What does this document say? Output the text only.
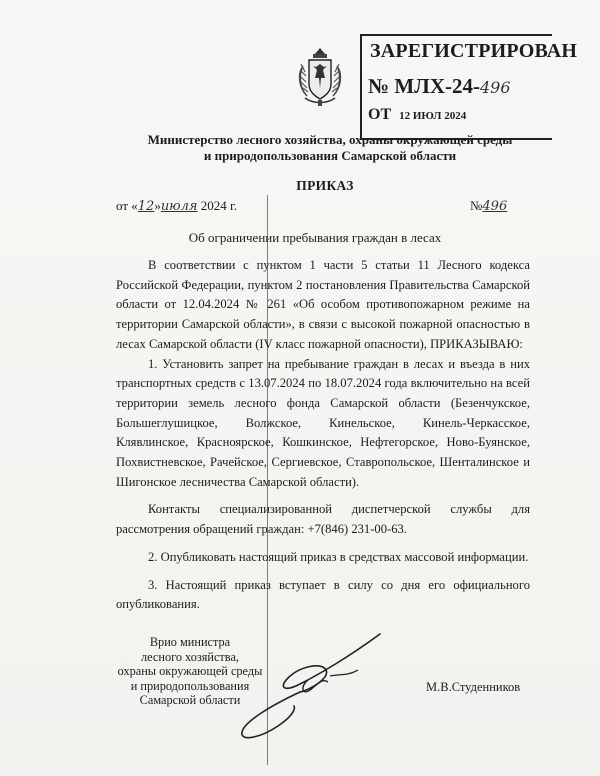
ЗАРЕГИСТРИРОВАН
№ МЛХ-24-496
ОТ 12 ИЮЛ 2024
Министерство лесного хозяйства, охраны окружающей среды
и природопользования Самарской области
ПРИКАЗ
от «12»июля 2024 г.	№496
Об ограничении пребывания граждан в лесах

В соответствии с пунктом 1 части 5 статьи 11 Лесного кодекса Российской Федерации, пунктом 2 постановления Правительства Самарской области от 12.04.2024 № 261 «Об особом противопожарном режиме на территории Самарской области», в связи с высокой пожарной опасностью в лесах Самарской области (IV класс пожарной опасности), ПРИКАЗЫВАЮ:

1. Установить запрет на пребывание граждан в лесах и въезда в них транспортных средств с 13.07.2024 по 18.07.2024 года включительно на всей территории земель лесного фонда Самарской области (Безенчукское, Большеглушицкое, Волжское, Кинельское, Кинель-Черкасское, Клявлинское, Красноярское, Кошкинское, Нефтегорское, Ново-Буянское, Похвистневское, Рачейское, Сергиевское, Ставропольское, Шенталинское и Шигонское лесничества Самарской области).

Контакты специализированной диспетчерской службы для рассмотрения обращений граждан: +7(846) 231-00-63.

2. Опубликовать настоящий приказ в средствах массовой информации.

3. Настоящий приказ вступает в силу со дня его официального опубликования.

Врио министра
лесного хозяйства,
охраны окружающей среды
и природопользования
Самарской области
М.В.Студенников
